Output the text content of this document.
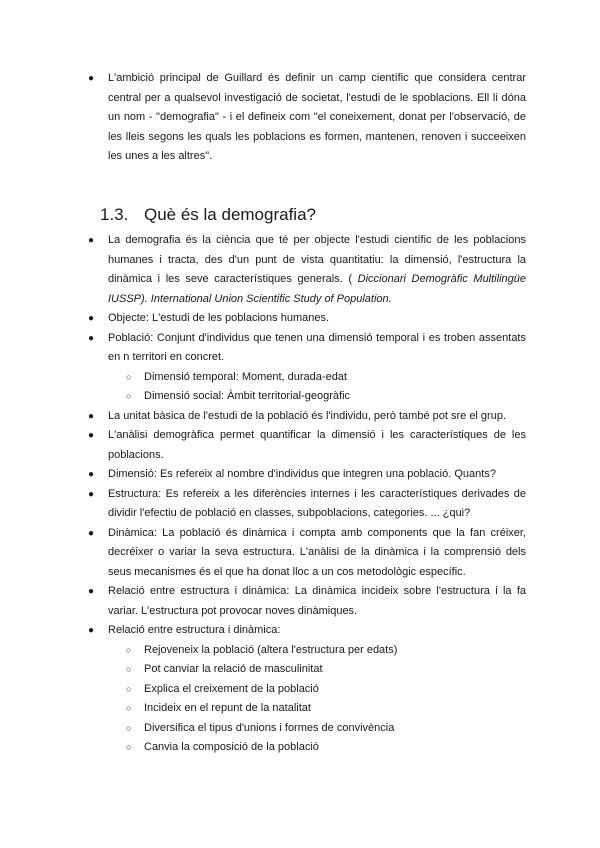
● L'ambició principal de Guillard és definir un camp científic que considera centrar central per a qualsevol investigació de societat, l'estudi de le spoblacions. Ell li dóna un nom - "demografia" - i el defineix com "el coneixement, donat per l'observació, de les lleis segons les quals les poblacions es formen, mantenen, renoven i succeeixen les unes a les altres".
1.3. Què és la demografia?
● La demografia és la ciència que té per objecte l'estudi científic de les poblacions humanes i tracta, des d'un punt de vista quantitatiu: la dimensió, l'estructura la dinàmica i les seve característiques generals. ( Diccionari Demogràfic Multilingüe IUSSP). International Union Scientific Study of Population.
● Objecte: L'estudi de les poblacions humanes.
● Població: Conjunt d'individus que tenen una dimensió temporal i es troben assentats en n territori en concret.
○ Dimensió temporal: Moment, durada-edat
○ Dimensió social: Àmbit territorial-geogràfic
● La unitat bàsica de l'estudi de la població és l'individu, però també pot sre el grup.
● L'anàlisi demogràfica permet quantificar la dimensió i les característiques de les poblacions.
● Dimensió: Es refereix al nombre d'individus que integren una població. Quants?
● Estructura: Es refereix a les diferències internes i les característiques derivades de dividir l'efectiu de població en classes, subpoblacions, categories. ... ¿qui?
● Dinàmica: La població és dinàmica i compta amb components que la fan créixer, decréixer o variar la seva estructura. L'anàlisi de la dinàmica i la comprensió dels seus mecanismes és el que ha donat lloc a un cos metodològic específic.
● Relació entre estructura i dinàmica: La dinàmica incideix sobre l'estructura i la fa variar. L'estructura pot provocar noves dinàmiques.
● Relació entre estructura i dinàmica:
○ Rejoveneix la població (altera l'estructura per edats)
○ Pot canviar la relació de masculinitat
○ Explica el creixement de la població
○ Incideix en el repunt de la natalitat
○ Diversifica el tipus d'unions i formes de convivència
○ Canvia la composició de la població
